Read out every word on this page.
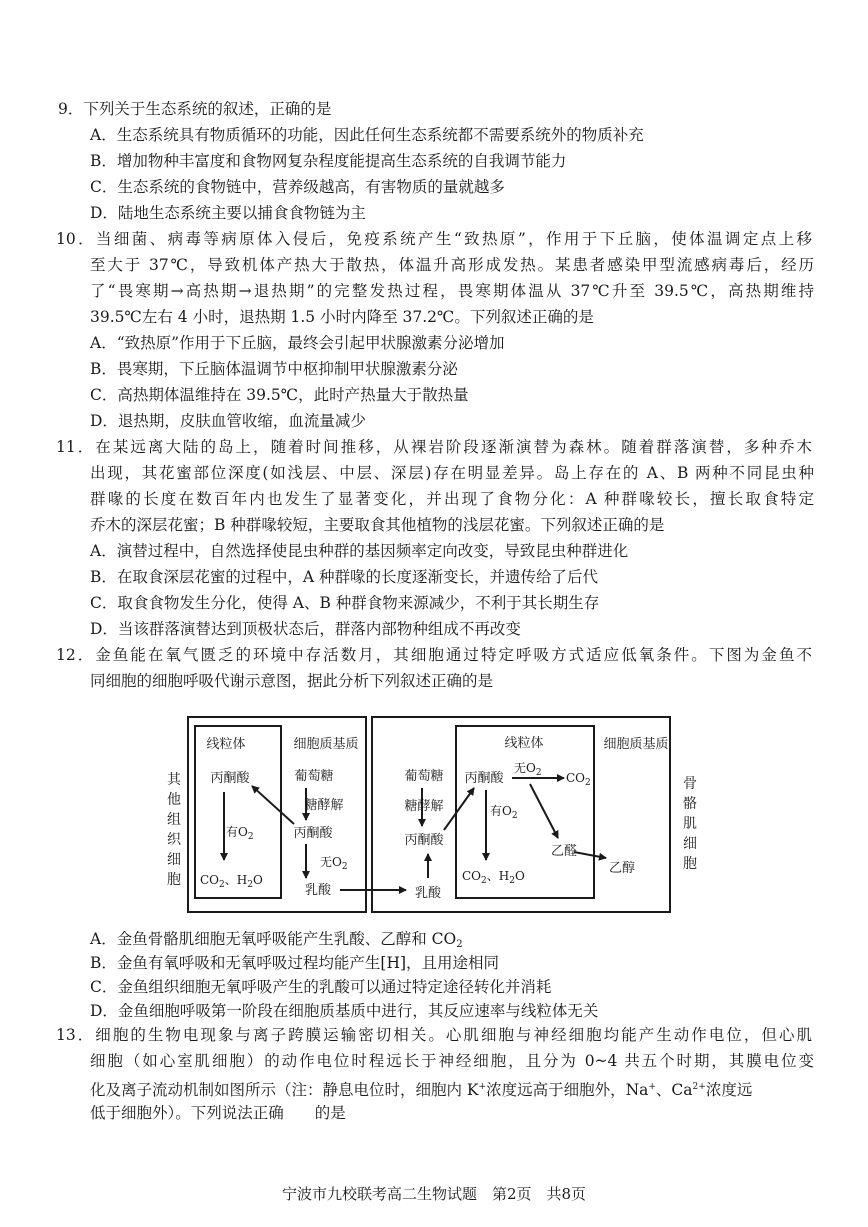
9．下列关于生态系统的叙述，正确的是
A．生态系统具有物质循环的功能，因此任何生态系统都不需要系统外的物质补充
B．增加物种丰富度和食物网复杂程度能提高生态系统的自我调节能力
C．生态系统的食物链中，营养级越高，有害物质的量就越多
D．陆地生态系统主要以捕食食物链为主
10．当细菌、病毒等病原体入侵后，免疫系统产生“致热原”，作用于下丘脑，使体温调定点上移
至大于 37℃，导致机体产热大于散热，体温升高形成发热。某患者感染甲型流感病毒后，经历
了“畏寒期→高热期→退热期”的完整发热过程，畏寒期体温从 37℃升至 39.5℃，高热期维持
39.5℃左右 4 小时，退热期 1.5 小时内降至 37.2℃。下列叙述正确的是
A．“致热原”作用于下丘脑，最终会引起甲状腺激素分泌增加
B．畏寒期，下丘脑体温调节中枢抑制甲状腺激素分泌
C．高热期体温维持在 39.5℃，此时产热量大于散热量
D．退热期，皮肤血管收缩，血流量减少
11．在某远离大陆的岛上，随着时间推移，从裸岩阶段逐渐演替为森林。随着群落演替，多种乔木
出现，其花蜜部位深度(如浅层、中层、深层)存在明显差异。岛上存在的 A、B 两种不同昆虫种
群喙的长度在数百年内也发生了显著变化，并出现了食物分化：A 种群喙较长，擅长取食特定
乔木的深层花蜜；B 种群喙较短，主要取食其他植物的浅层花蜜。下列叙述正确的是
A．演替过程中，自然选择使昆虫种群的基因频率定向改变，导致昆虫种群进化
B．在取食深层花蜜的过程中，A 种群喙的长度逐渐变长，并遗传给了后代
C．取食食物发生分化，使得 A、B 种群食物来源减少，不利于其长期生存
D．当该群落演替达到顶极状态后，群落内部物种组成不再改变
12．金鱼能在氧气匮乏的环境中存活数月，其细胞通过特定呼吸方式适应低氧条件。下图为金鱼不
同细胞的细胞呼吸代谢示意图，据此分析下列叙述正确的是
其
他
组
织
细
胞
线粒体	细胞质基质
丙酮酸	葡萄糖
糖酵解
丙酮酸
有$O_2$
无$O_2$
$CO_2$、$H_2O$
乳酸
线粒体	细胞质基质
葡萄糖
糖酵解
丙酮酸
乳酸
丙酮酸
无$O_2$ $CO_2$
有$O_2$
乙醛
$CO_2$、$H_2O$	乙醇
骨
骼
肌
细
胞
A．金鱼骨骼肌细胞无氧呼吸能产生乳酸、乙醇和 $CO_2$
B．金鱼有氧呼吸和无氧呼吸过程均能产生[H]，且用途相同
C．金鱼组织细胞无氧呼吸产生的乳酸可以通过特定途径转化并消耗
D．金鱼细胞呼吸第一阶段在细胞质基质中进行，其反应速率与线粒体无关
13．细胞的生物电现象与离子跨膜运输密切相关。心肌细胞与神经细胞均能产生动作电位，但心肌
细胞（如心室肌细胞）的动作电位时程远长于神经细胞，且分为 0~4 共五个时期，其膜电位变
化及离子流动机制如图所示（注：静息电位时，细胞内 K+浓度远高于细胞外，Na+、$Ca^{2+}$浓度远
低于细胞外）。下列说法正确　　的是
宁波市九校联考高二生物试题　第2页　共8页
